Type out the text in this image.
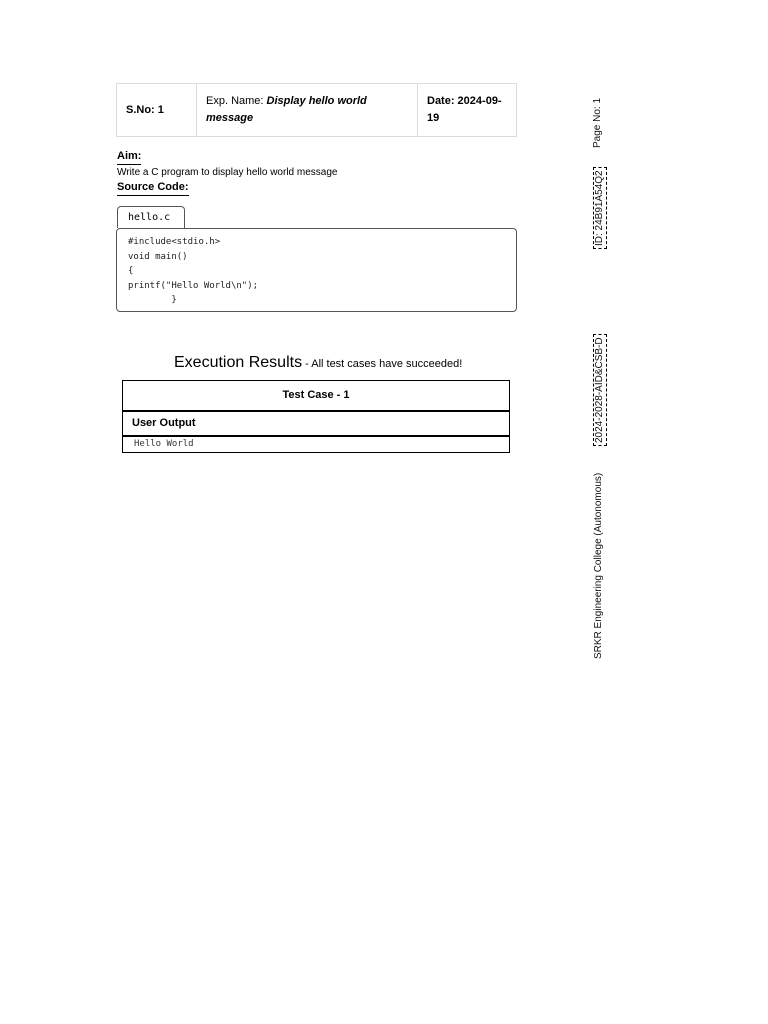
S.No: 1	Exp. Name: Display hello world message	Date: 2024-09-
19
Aim:
Write a C program to display hello world message
Source Code:
hello.c
#include<stdio.h>
void main()
{
printf("Hello World\n");
}
Execution Results - All test cases have succeeded!
Test Case - 1
User Output
Hello World
Page No: 1
ID: 24B91A54Q2
2024-2028-AID&CSB-D
SRKR Engineering College (Autonomous)
